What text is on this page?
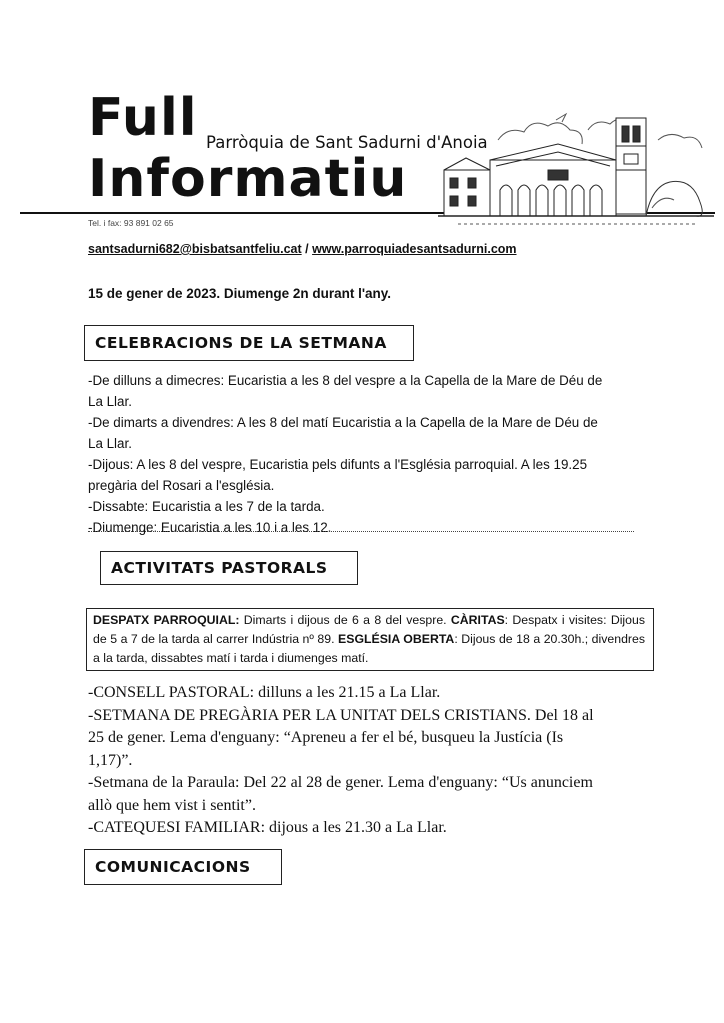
Full Parròquia de Sant Sadurni d'Anoia
Informatiu
Tel. i fax: 93 891 02 65
santsadurni682@bisbatsantfeliu.cat / www.parroquiadesantsadurni.com
15 de gener de 2023. Diumenge 2n durant l'any.
CELEBRACIONS DE LA SETMANA
-De dilluns a dimecres: Eucaristia a les 8 del vespre a la Capella de la Mare de Déu de
La Llar.
-De dimarts a divendres: A les 8 del matí Eucaristia a la Capella de la Mare de Déu de
La Llar.
-Dijous: A les 8 del vespre, Eucaristia pels difunts a l'Església parroquial. A les 19.25
pregària del Rosari a l'església.
-Dissabte: Eucaristia a les 7 de la tarda.
-Diumenge: Eucaristia a les 10 i a les 12.
ACTIVITATS PASTORALS
DESPATX PARROQUIAL: Dimarts i dijous de 6 a 8 del vespre. CÀRITAS: Despatx i visites: Dijous de 5 a 7 de la tarda al carrer Indústria nº 89. ESGLÉSIA OBERTA: Dijous de 18 a 20.30h.; divendres a la tarda, dissabtes matí i tarda i diumenges matí.
-CONSELL PASTORAL: dilluns a les 21.15 a La Llar.
-SETMANA DE PREGÀRIA PER LA UNITAT DELS CRISTIANS. Del 18 al
25 de gener. Lema d'enguany: “Apreneu a fer el bé, busqueu la Justícia (Is
1,17)”.
-Setmana de la Paraula: Del 22 al 28 de gener. Lema d'enguany: “Us anunciem
allò que hem vist i sentit”.
-CATEQUESI FAMILIAR: dijous a les 21.30 a La Llar.
COMUNICACIONS
